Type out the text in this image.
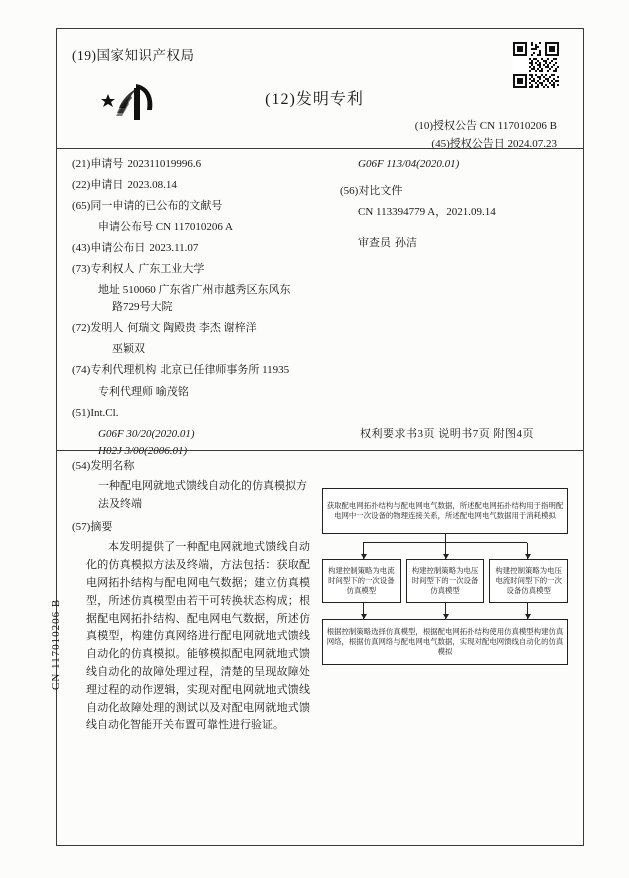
(19)国家知识产权局
(12)发明专利
(10)授权公告 CN 117010206 B
(45)授权公告日 2024.07.23
(21)申请号 202311019996.6
(22)申请日 2023.08.14
(65)同一申请的已公布的文献号
申请公布号 CN 117010206 A
(43)申请公布日 2023.11.07
(73)专利权人 广东工业大学
地址 510060 广东省广州市越秀区东风东
路729号大院
(72)发明人 何瑞文 陶殿贵 李杰 谢梓洋
巫颖双
(74)专利代理机构 北京已任律师事务所 11935
专利代理师 喻茂铭
(51)Int.Cl.
G06F 30/20(2020.01)
H02J 3/00(2006.01)
G06F 113/04(2020.01)
(56)对比文件
CN 113394779 A，2021.09.14
审查员 孙洁
权利要求书3页 说明书7页 附图4页
(54)发明名称
一种配电网就地式馈线自动化的仿真模拟方法及终端
(57)摘要

本发明提供了一种配电网就地式馈线自动化的仿真模拟方法及终端，方法包括：获取配电网拓扑结构与配电网电气数据；建立仿真模型，所述仿真模型由若干可转换状态构成；根据配电网拓扑结构、配电网电气数据，所述仿真模型，构建仿真网络进行配电网就地式馈线自动化的仿真模拟。能够模拟配电网就地式馈线自动化的故障处理过程，清楚的呈现故障处理过程的动作逻辑，实现对配电网就地式馈线自动化故障处理的测试以及对配电网就地式馈线自动化智能开关布置可靠性进行验证。

获取配电网拓扑结构与配电网电气数据，所述配电网拓扑结构用于指明配电网中一次设备的物理连接关系，所述配电网电气数据用于消耗模拟
构建控制策略为电流时间型下的一次设备仿真模型
构建控制策略为电压时间型下的一次设备仿真模型
构建控制策略为电压电流时间型下的一次设备仿真模型
根据控制策略选择仿真模型，根据配电网拓扑结构使用仿真模型构建仿真网络，根据仿真网络与配电网电气数据，实现对配电网馈线自动化的仿真模拟
CN 117010206 B
